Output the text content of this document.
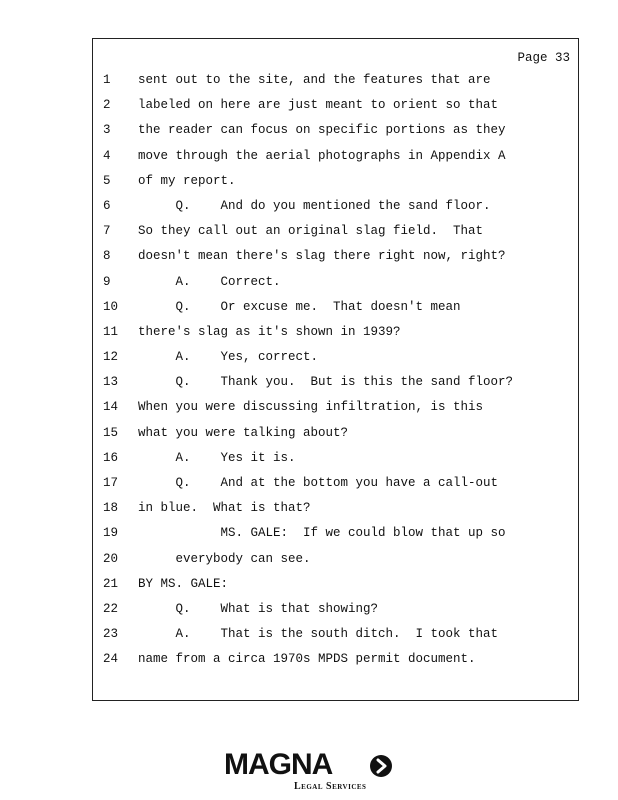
Page 33
1	sent out to the site, and the features that are
2	labeled on here are just meant to orient so that
3	the reader can focus on specific portions as they
4	move through the aerial photographs in Appendix A
5	of my report.
6	Q.    And do you mentioned the sand floor.
7	So they call out an original slag field.  That
8	doesn't mean there's slag there right now, right?
9	A.    Correct.
10 Q.    Or excuse me.  That doesn't mean
11 there's slag as it's shown in 1939?
12 A.    Yes, correct.
13 Q.    Thank you.  But is this the sand floor?
14 When you were discussing infiltration, is this
15 what you were talking about?
16 A.    Yes it is.
17 Q.    And at the bottom you have a call-out
18 in blue.  What is that?
19 MS. GALE:  If we could blow that up so
20 everybody can see.
21 BY MS. GALE:
22 Q.    What is that showing?
23 A.    That is the south ditch.  I took that
24 name from a circa 1970s MPDS permit document.
MAGNA
Legal Services
